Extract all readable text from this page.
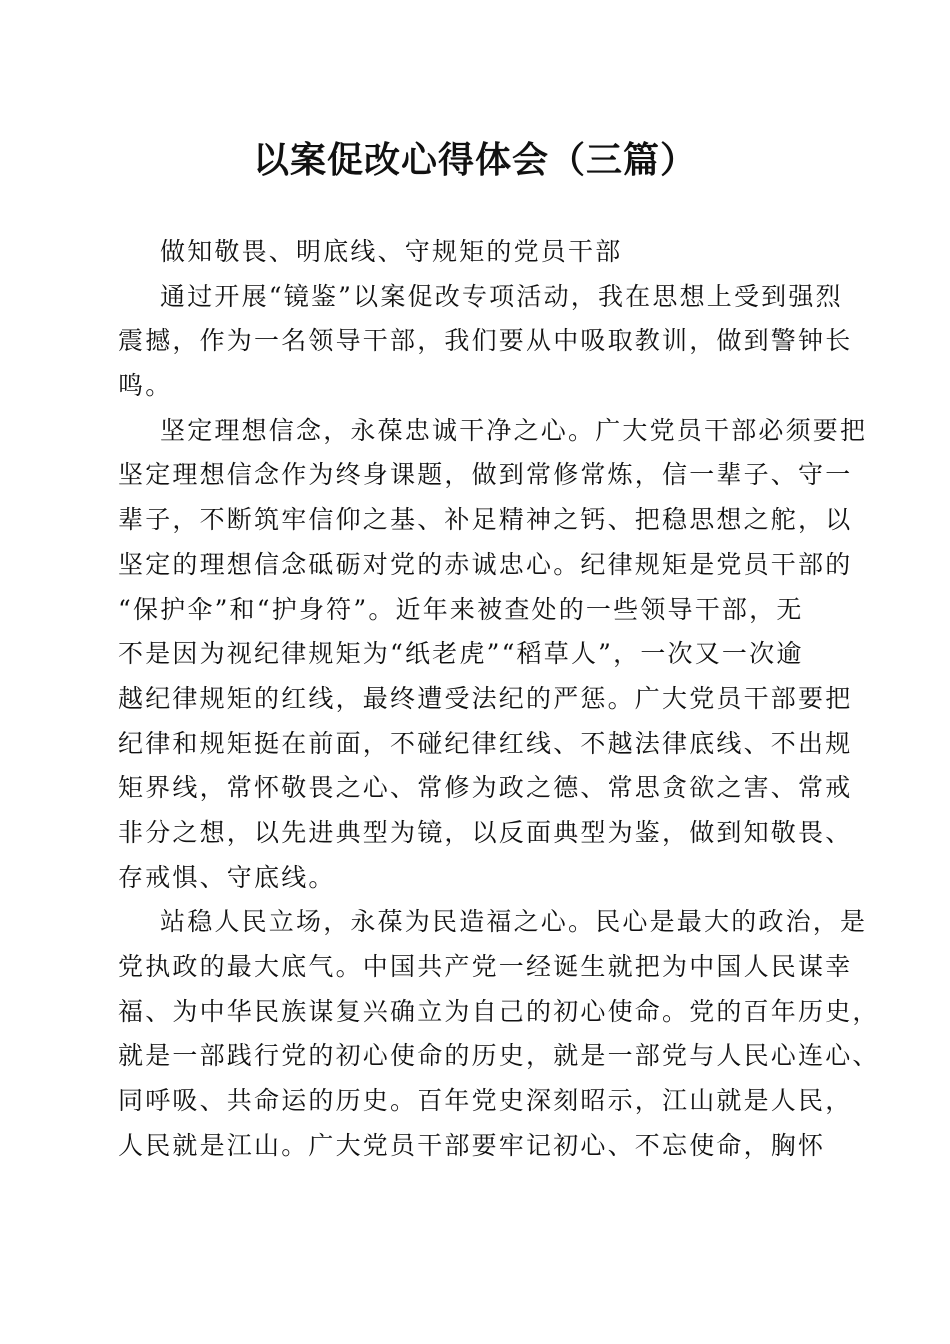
以案促改心得体会（三篇）
做知敬畏、明底线、守规矩的党员干部
通过开展“镜鉴”以案促改专项活动，我在思想上受到强烈
震撼，作为一名领导干部，我们要从中吸取教训，做到警钟长
鸣。
坚定理想信念，永葆忠诚干净之心。广大党员干部必须要把
坚定理想信念作为终身课题，做到常修常炼，信一辈子、守一
辈子，不断筑牢信仰之基、补足精神之钙、把稳思想之舵，以
坚定的理想信念砥砺对党的赤诚忠心。纪律规矩是党员干部的
“保护伞”和“护身符”。近年来被查处的一些领导干部，无
不是因为视纪律规矩为“纸老虎”“稻草人”，一次又一次逾
越纪律规矩的红线，最终遭受法纪的严惩。广大党员干部要把
纪律和规矩挺在前面，不碰纪律红线、不越法律底线、不出规
矩界线，常怀敬畏之心、常修为政之德、常思贪欲之害、常戒
非分之想，以先进典型为镜，以反面典型为鉴，做到知敬畏、
存戒惧、守底线。
站稳人民立场，永葆为民造福之心。民心是最大的政治，是
党执政的最大底气。中国共产党一经诞生就把为中国人民谋幸
福、为中华民族谋复兴确立为自己的初心使命。党的百年历史，
就是一部践行党的初心使命的历史，就是一部党与人民心连心、
同呼吸、共命运的历史。百年党史深刻昭示，江山就是人民，
人民就是江山。广大党员干部要牢记初心、不忘使命，胸怀
